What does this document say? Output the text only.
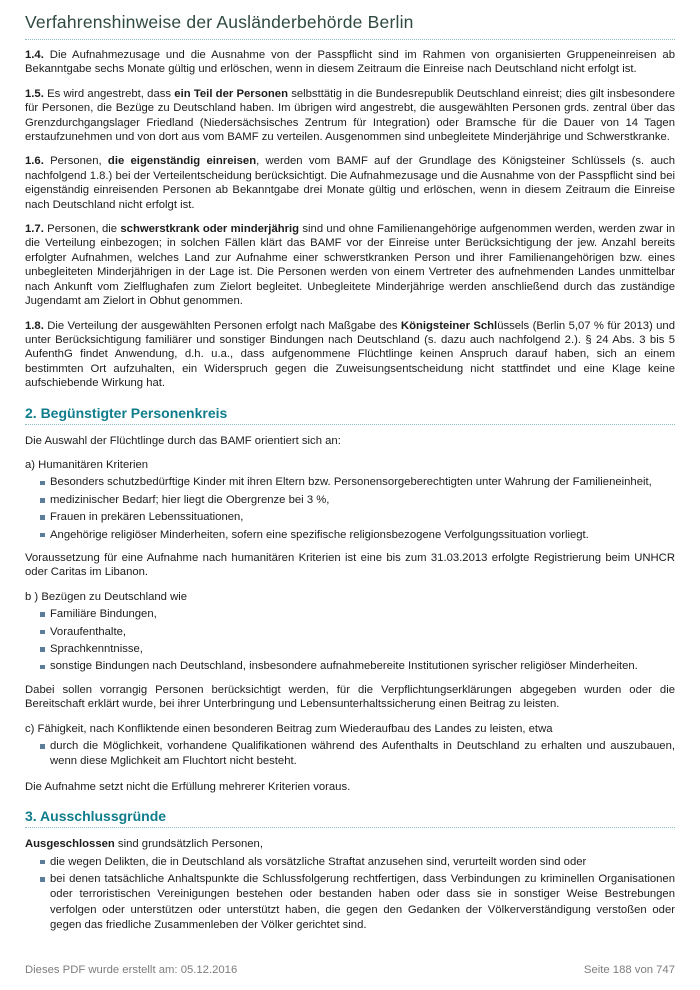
Verfahrenshinweise der Ausländerbehörde Berlin

1.4. Die Aufnahmezusage und die Ausnahme von der Passpflicht sind im Rahmen von organisierten Gruppeneinreisen ab Bekanntgabe sechs Monate gültig und erlöschen, wenn in diesem Zeitraum die Einreise nach Deutschland nicht erfolgt ist.

1.5. Es wird angestrebt, dass ein Teil der Personen selbsttätig in die Bundesrepublik Deutschland einreist; dies gilt insbesondere für Personen, die Bezüge zu Deutschland haben. Im übrigen wird angestrebt, die ausgewählten Personen grds. zentral über das Grenzdurchgangslager Friedland (Niedersächsisches Zentrum für Integration) oder Bramsche für die Dauer von 14 Tagen erstaufzunehmen und von dort aus vom BAMF zu verteilen. Ausgenommen sind unbegleitete Minderjährige und Schwerstkranke.

1.6. Personen, die eigenständig einreisen, werden vom BAMF auf der Grundlage des Königsteiner Schlüssels (s. auch nachfolgend 1.8.) bei der Verteilentscheidung berücksichtigt. Die Aufnahmezusage und die Ausnahme von der Passpflicht sind bei eigenständig einreisenden Personen ab Bekanntgabe drei Monate gültig und erlöschen, wenn in diesem Zeitraum die Einreise nach Deutschland nicht erfolgt ist.

1.7. Personen, die schwerstkrank oder minderjährig sind und ohne Familienangehörige aufgenommen werden, werden zwar in die Verteilung einbezogen; in solchen Fällen klärt das BAMF vor der Einreise unter Berücksichtigung der jew. Anzahl bereits erfolgter Aufnahmen, welches Land zur Aufnahme einer schwerstkranken Person und ihrer Familienangehörigen bzw. eines unbegleiteten Minderjährigen in der Lage ist. Die Personen werden von einem Vertreter des aufnehmenden Landes unmittelbar nach Ankunft vom Zielflughafen zum Zielort begleitet. Unbegleitete Minderjährige werden anschließend durch das zuständige Jugendamt am Zielort in Obhut genommen.

1.8. Die Verteilung der ausgewählten Personen erfolgt nach Maßgabe des Königsteiner Schlüssels (Berlin 5,07 % für 2013) und unter Berücksichtigung familiärer und sonstiger Bindungen nach Deutschland (s. dazu auch nachfolgend 2.). § 24 Abs. 3 bis 5 AufenthG findet Anwendung, d.h. u.a., dass aufgenommene Flüchtlinge keinen Anspruch darauf haben, sich an einem bestimmten Ort aufzuhalten, ein Widerspruch gegen die Zuweisungsentscheidung nicht stattfindet und eine Klage keine aufschiebende Wirkung hat.

2. Begünstigter Personenkreis

Die Auswahl der Flüchtlinge durch das BAMF orientiert sich an:

a) Humanitären Kriterien

Besonders schutzbedürftige Kinder mit ihren Eltern bzw. Personensorgeberechtigten unter Wahrung der Familieneinheit,
medizinischer Bedarf; hier liegt die Obergrenze bei 3 %,
Frauen in prekären Lebenssituationen,
Angehörige religiöser Minderheiten, sofern eine spezifische religionsbezogene Verfolgungssituation vorliegt.

Voraussetzung für eine Aufnahme nach humanitären Kriterien ist eine bis zum 31.03.2013 erfolgte Registrierung beim UNHCR oder Caritas im Libanon.

b ) Bezügen zu Deutschland wie

Familiäre Bindungen,
Voraufenthalte,
Sprachkenntnisse,
sonstige Bindungen nach Deutschland, insbesondere aufnahmebereite Institutionen syrischer religiöser Minderheiten.

Dabei sollen vorrangig Personen berücksichtigt werden, für die Verpflichtungserklärungen abgegeben wurden oder die Bereitschaft erklärt wurde, bei ihrer Unterbringung und Lebensunterhaltssicherung einen Beitrag zu leisten.

c) Fähigkeit, nach Konfliktende einen besonderen Beitrag zum Wiederaufbau des Landes zu leisten, etwa

durch die Möglichkeit, vorhandene Qualifikationen während des Aufenthalts in Deutschland zu erhalten und auszubauen, wenn diese Mglichkeit am Fluchtort nicht besteht.

Die Aufnahme setzt nicht die Erfüllung mehrerer Kriterien voraus.

3. Ausschlussgründe

Ausgeschlossen sind grundsätzlich Personen,

die wegen Delikten, die in Deutschland als vorsätzliche Straftat anzusehen sind, verurteilt worden sind oder
bei denen tatsächliche Anhaltspunkte die Schlussfolgerung rechtfertigen, dass Verbindungen zu kriminellen Organisationen oder terroristischen Vereinigungen bestehen oder bestanden haben oder dass sie in sonstiger Weise Bestrebungen verfolgen oder unterstützen oder unterstützt haben, die gegen den Gedanken der Völkerverständigung verstoßen oder gegen das friedliche Zusammenleben der Völker gerichtet sind.
Dieses PDF wurde erstellt am: 05.12.2016	Seite 188 von 747
